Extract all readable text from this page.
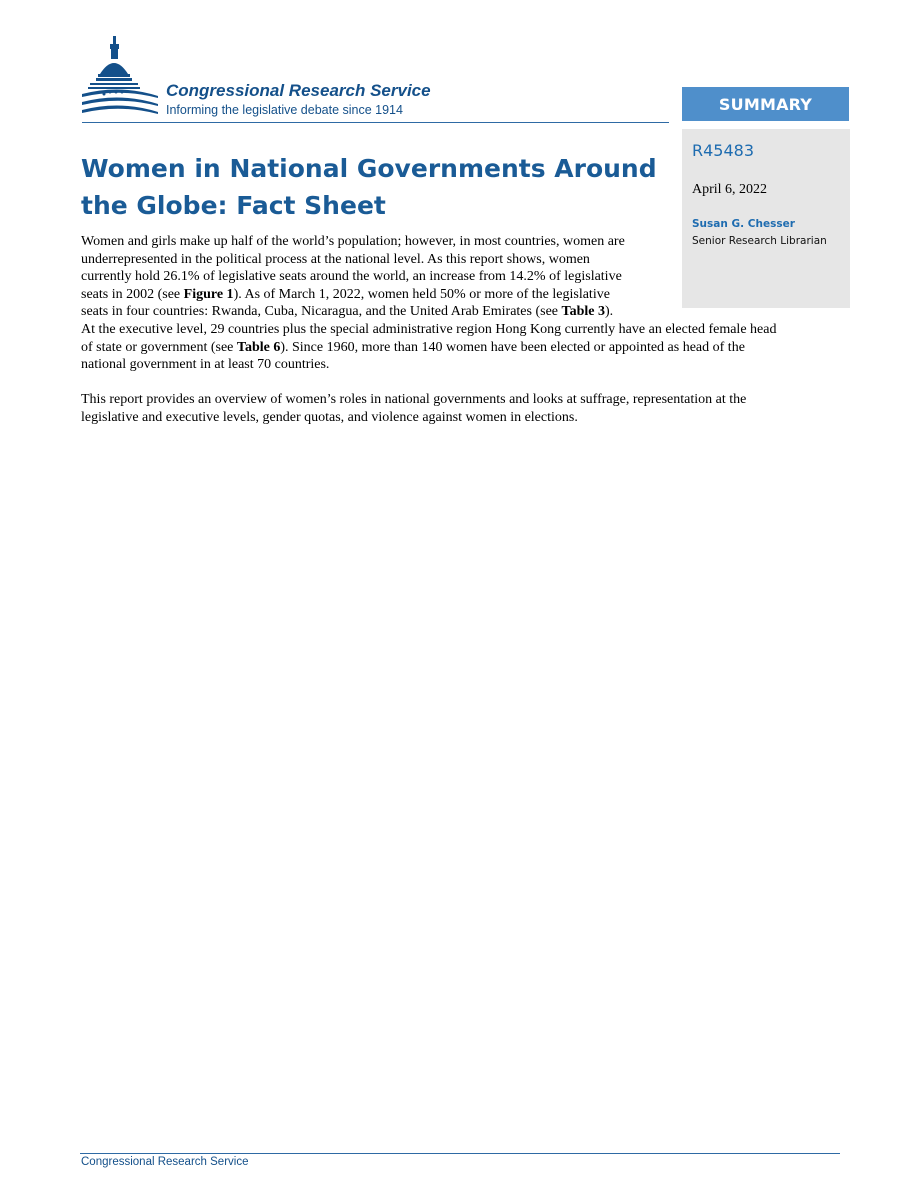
Congressional Research Service

Informing the legislative debate since 1914	SUMMARY

R45483

April 6, 2022

Susan G. Chesser

Senior Research Librarian

Women in National Governments Around the Globe: Fact Sheet

Women and girls make up half of the world’s population; however, in most countries, women are
underrepresented in the political process at the national level. As this report shows, women
currently hold 26.1% of legislative seats around the world, an increase from 14.2% of legislative
seats in 2002 (see Figure 1). As of March 1, 2022, women held 50% or more of the legislative
seats in four countries: Rwanda, Cuba, Nicaragua, and the United Arab Emirates (see Table 3).
At the executive level, 29 countries plus the special administrative region Hong Kong currently have an elected female head
of state or government (see Table 6). Since 1960, more than 140 women have been elected or appointed as head of the
national government in at least 70 countries.

This report provides an overview of women’s roles in national governments and looks at suffrage, representation at the
legislative and executive levels, gender quotas, and violence against women in elections.

Congressional Research Service
